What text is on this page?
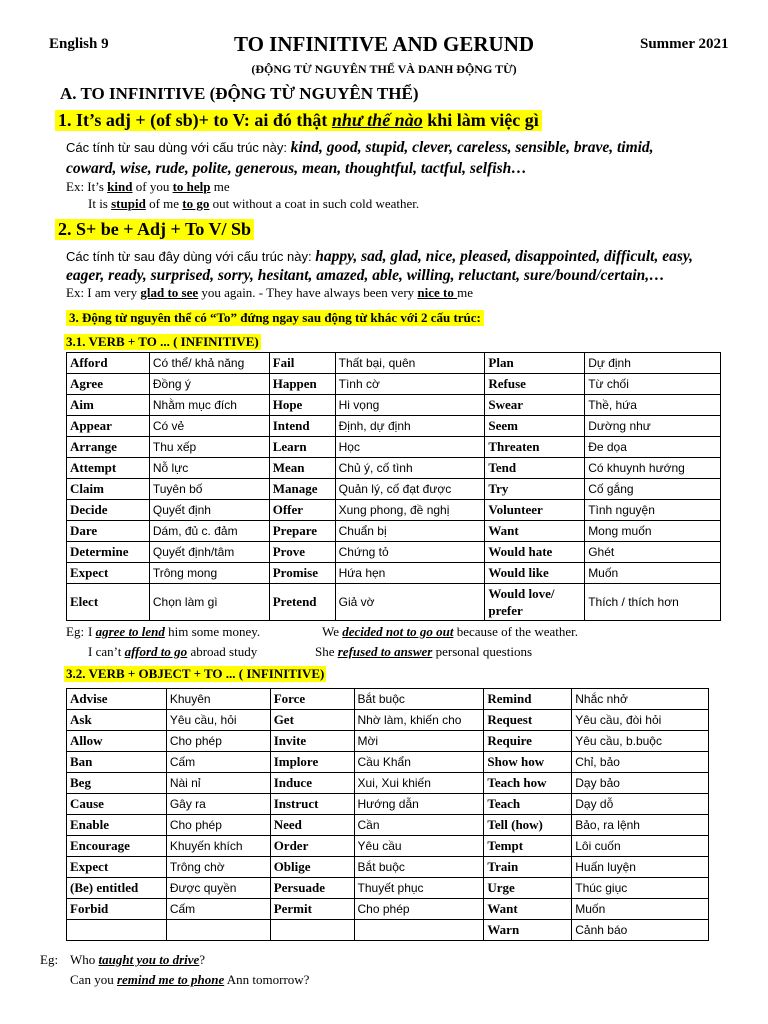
English 9	TO INFINITIVE AND GERUND	Summer 2021
(ĐỘNG TỪ NGUYÊN THỂ VÀ DANH ĐỘNG TỪ)
A. TO INFINITIVE (ĐỘNG TỪ NGUYÊN THỂ)
1. It’s adj + (of sb)+ to V: ai đó thật như thế nào khi làm việc gì
Các tính từ sau dùng với cấu trúc này: kind, good, stupid, clever, careless, sensible, brave, timid,
coward, wise, rude, polite, generous, mean, thoughtful, tactful, selfish…
Ex: It’s kind of you to help me
It is stupid of me to go out without a coat in such cold weather.
2. S+ be + Adj + To V/ Sb
Các tính từ sau đây dùng với cấu trúc này: happy, sad, glad, nice, pleased, disappointed, difficult, easy,
eager, ready, surprised, sorry, hesitant, amazed, able, willing, reluctant, sure/bound/certain,…
Ex: I am very glad to see you again. - They have always been very nice to me
3. Động từ nguyên thể có “To” đứng ngay sau động từ khác với 2 cấu trúc:
3.1. VERB + TO ... ( INFINITIVE)
Afford	Có thể/ khả năng	Fail	Thất bại, quên	Plan	Dự định
Agree	Đồng ý	Happen	Tình cờ	Refuse	Từ chối
Aim	Nhằm mục đích	Hope	Hi vọng	Swear	Thề, hứa
Appear	Có vẻ	Intend	Định, dự định	Seem	Dường như
Arrange	Thu xếp	Learn	Học	Threaten	Đe dọa
Attempt	Nỗ lực	Mean	Chủ ý, cố tình	Tend	Có khuynh hướng
Claim	Tuyên bố	Manage	Quản lý, cố đạt được	Try	Cố gắng
Decide	Quyết định	Offer	Xung phong, đề nghị	Volunteer	Tình nguyện
Dare	Dám, đủ c. đảm	Prepare	Chuẩn bị	Want	Mong muốn
Determine	Quyết định/tâm	Prove	Chứng tỏ	Would hate	Ghét
Expect	Trông mong	Promise	Hứa hẹn	Would like	Muốn
Elect	Chọn làm gì	Pretend	Giả vờ	Would love/ prefer	Thích / thích hơn
Eg: I agree to lend him some money.	We decided not to go out because of the weather.
I can’t afford to go abroad study	She refused to answer personal questions
3.2. VERB + OBJECT + TO ... ( INFINITIVE)
Advise	Khuyên	Force	Bắt buộc	Remind	Nhắc nhở
Ask	Yêu cầu, hỏi	Get	Nhờ làm, khiến cho	Request	Yêu cầu, đòi hỏi
Allow	Cho phép	Invite	Mời	Require	Yêu cầu, b.buộc
Ban	Cấm	Implore	Cầu Khẩn	Show how	Chỉ, bảo
Beg	Nài nỉ	Induce	Xui, Xui khiến	Teach how	Dạy bảo
Cause	Gây ra	Instruct	Hướng dẫn	Teach	Dạy dỗ
Enable	Cho phép	Need	Cần	Tell (how)	Bảo, ra lệnh
Encourage	Khuyến khích	Order	Yêu cầu	Tempt	Lôi cuốn
Expect	Trông chờ	Oblige	Bắt buộc	Train	Huấn luyện
(Be) entitled	Được quyền	Persuade	Thuyết phục	Urge	Thúc giục
Forbid	Cấm	Permit	Cho phép	Want	Muốn
				Warn	Cảnh báo
Eg: Who taught you to drive?
Can you remind me to phone Ann tomorrow?
